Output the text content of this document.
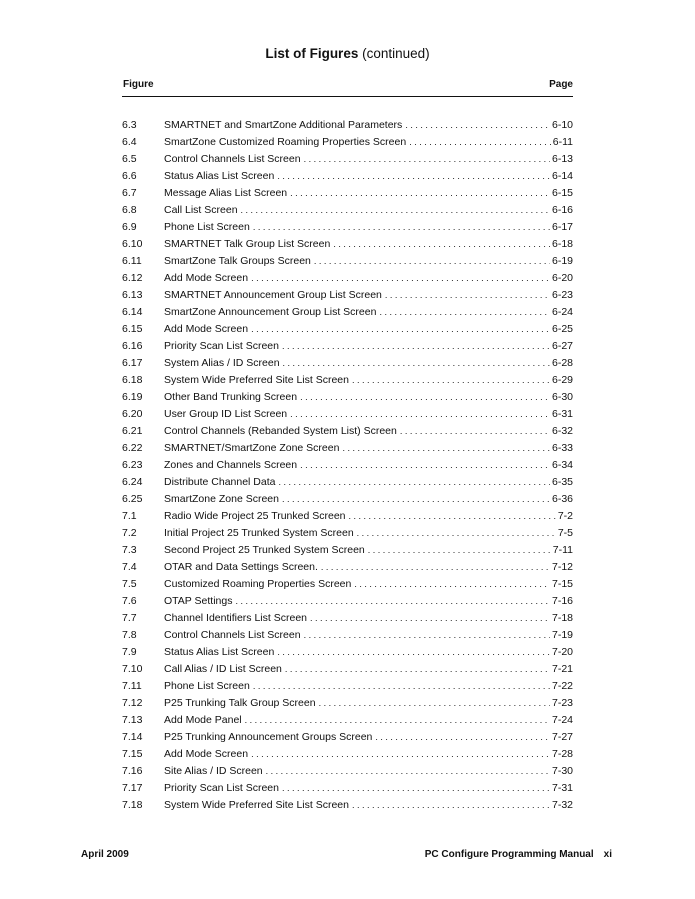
List of Figures (continued)
Figure	Page
6.3	SMARTNET and SmartZone Additional Parameters . . .	6-10
6.4	SmartZone Customized Roaming Properties Screen . . .	6-11
6.5	Control Channels List Screen . . .	6-13
6.6	Status Alias List Screen . . .	6-14
6.7	Message Alias List Screen . . .	6-15
6.8	Call List Screen . . .	6-16
6.9	Phone List Screen . . .	6-17
6.10 SMARTNET Talk Group List Screen . . .	6-18
6.11 SmartZone Talk Groups Screen . . .	6-19
6.12 Add Mode Screen . . .	6-20
6.13 SMARTNET Announcement Group List Screen . . .	6-23
6.14 SmartZone Announcement Group List Screen . . .	6-24
6.15 Add Mode Screen . . .	6-25
6.16 Priority Scan List Screen . . .	6-27
6.17 System Alias / ID Screen . . .	6-28
6.18 System Wide Preferred Site List Screen . . .	6-29
6.19 Other Band Trunking Screen . . .	6-30
6.20 User Group ID List Screen . . .	6-31
6.21 Control Channels (Rebanded System List) Screen . . .	6-32
6.22 SMARTNET/SmartZone Zone Screen . . .	6-33
6.23 Zones and Channels Screen . . .	6-34
6.24 Distribute Channel Data . . .	6-35
6.25 SmartZone Zone Screen . . .	6-36
7.1	Radio Wide Project 25 Trunked Screen . . .	7-2
7.2	Initial Project 25 Trunked System Screen . . .	7-5
7.3	Second Project 25 Trunked System Screen . . .	7-11
7.4	OTAR and Data Settings Screen. . . .	7-12
7.5	Customized Roaming Properties Screen . . .	7-15
7.6	OTAP Settings . . .	7-16
7.7	Channel Identifiers List Screen . . .	7-18
7.8	Control Channels List Screen . . .	7-19
7.9	Status Alias List Screen . . .	7-20
7.10 Call Alias / ID List Screen . . .	7-21
7.11 Phone List Screen . . .	7-22
7.12 P25 Trunking Talk Group Screen . . .	7-23
7.13 Add Mode Panel . . .	7-24
7.14 P25 Trunking Announcement Groups Screen . . .	7-27
7.15 Add Mode Screen . . .	7-28
7.16 Site Alias / ID Screen . . .	7-30
7.17 Priority Scan List Screen . . .	7-31
7.18 System Wide Preferred Site List Screen . . .	7-32
April 2009	PC Configure Programming Manual xi
